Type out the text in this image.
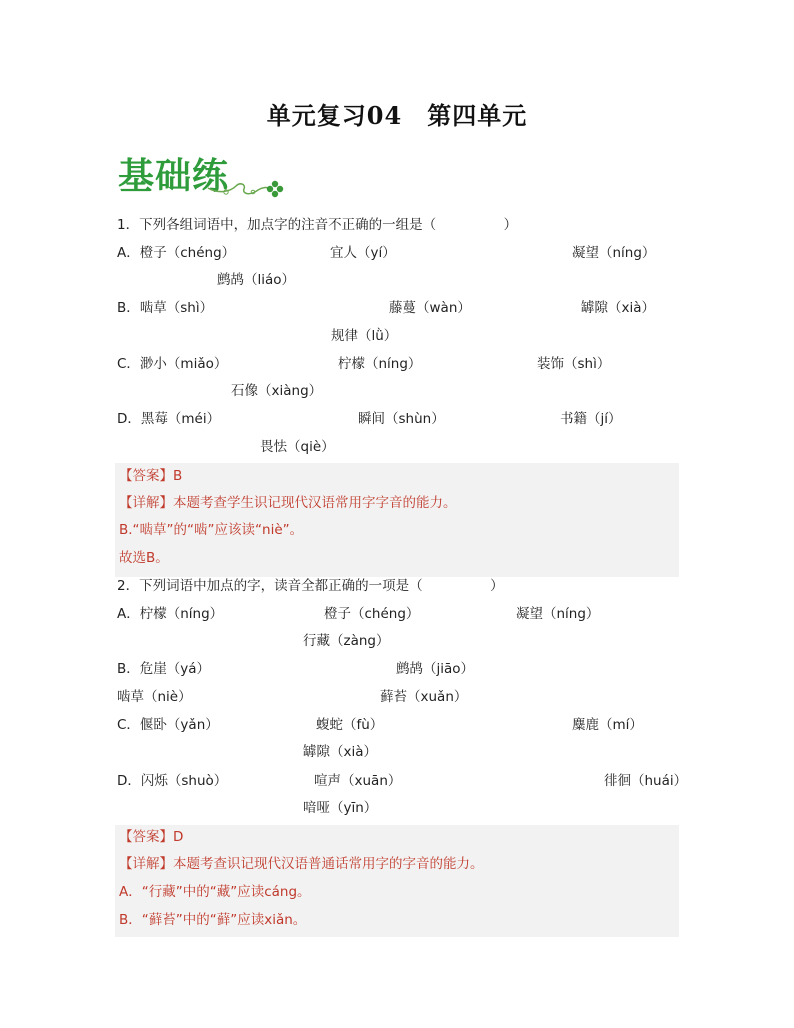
单元复习04　第四单元
基础练
1．下列各组词语中，加点字的注音不正确的一组是（　　　　　）
A．橙子（chéng）	宜人（yí）	凝望（níng）
鹧鸪（liáo）
B．啮草（shì）	藤蔓（wàn）	罅隙（xià）
规律（lǜ）
C．渺小（miǎo）	柠檬（níng）	装饰（shì）
石像（xiàng）
D．黑莓（méi）	瞬间（shùn）	书籍（jí）
畏怯（qiè）
【答案】B
【详解】本题考查学生识记现代汉语常用字字音的能力。
B.“啮草”的“啮”应该读“niè”。
故选B。
2．下列词语中加点的字，读音全都正确的一项是（　　　　　）
A．柠檬（níng）	橙子（chéng）	凝望（níng）
行藏（zàng）
B．危崖（yá）	鹧鸪（jiāo）
啮草（niè）	藓苔（xuǎn）
C．偃卧（yǎn）	蝮蛇（fù）	麋鹿（mí）
罅隙（xià）
D．闪烁（shuò）	喧声（xuān）	徘徊（huái）
喑哑（yīn）
【答案】D
【详解】本题考查识记现代汉语普通话常用字的字音的能力。
A．“行藏”中的“藏”应读cáng。
B．“藓苔”中的“藓”应读xiǎn。
